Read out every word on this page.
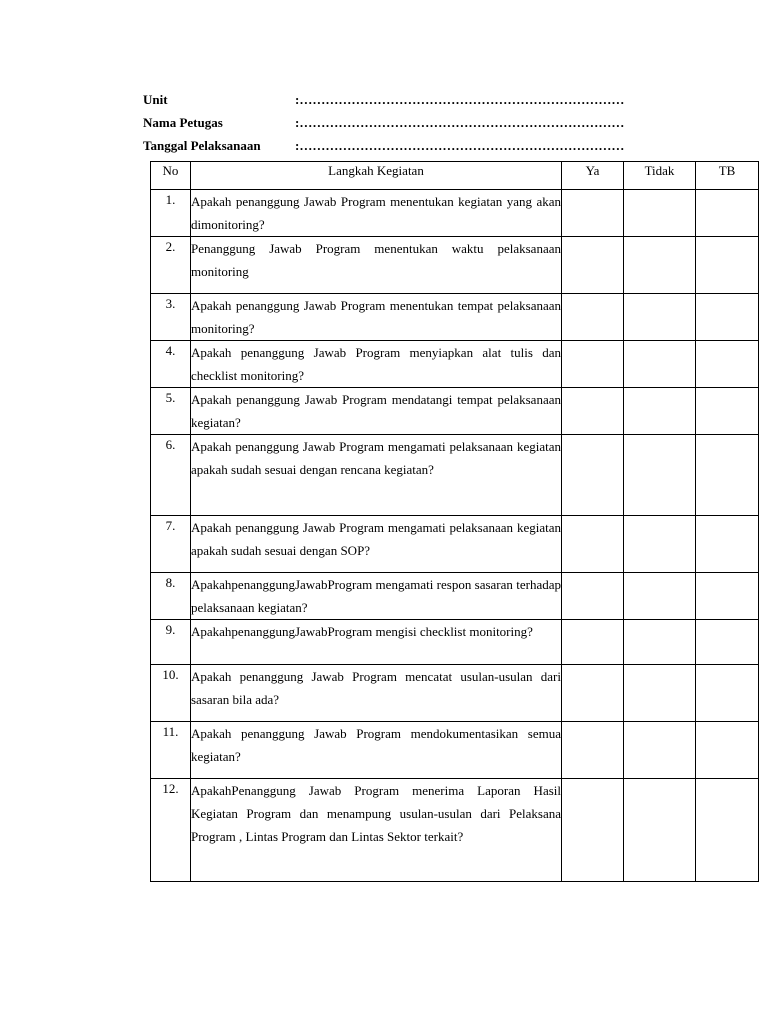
Unit	:…………………………………………………………………
Nama Petugas	:…………………………………………………………………
Tanggal Pelaksanaan	:…………………………………………………………………
No	Langkah Kegiatan	Ya	Tidak	TB
1.	Apakah penanggung Jawab Program menentukan kegiatan yang akan dimonitoring?			

2.	Penanggung Jawab Program menentukan waktu pelaksanaan monitoring			

3.	Apakah penanggung Jawab Program menentukan tempat pelaksanaan monitoring?			

4.	Apakah penanggung Jawab Program menyiapkan alat tulis dan checklist monitoring?			

5.	Apakah penanggung Jawab Program mendatangi tempat pelaksanaan kegiatan?			

6.	Apakah penanggung Jawab Program mengamati pelaksanaan kegiatan apakah sudah sesuai dengan rencana kegiatan?			

7.	Apakah penanggung Jawab Program mengamati pelaksanaan kegiatan apakah sudah sesuai dengan SOP?			

8.	ApakahpenanggungJawabProgram mengamati respon sasaran terhadap pelaksanaan kegiatan?			

9.	ApakahpenanggungJawabProgram mengisi checklist monitoring?			

10.	Apakah penanggung Jawab Program mencatat usulan-usulan dari sasaran bila ada?			

11.	Apakah penanggung Jawab Program mendokumentasikan semua kegiatan?			

12.	ApakahPenanggung Jawab Program menerima Laporan Hasil Kegiatan Program dan menampung usulan-usulan dari Pelaksana Program , Lintas Program dan Lintas Sektor terkait?			
